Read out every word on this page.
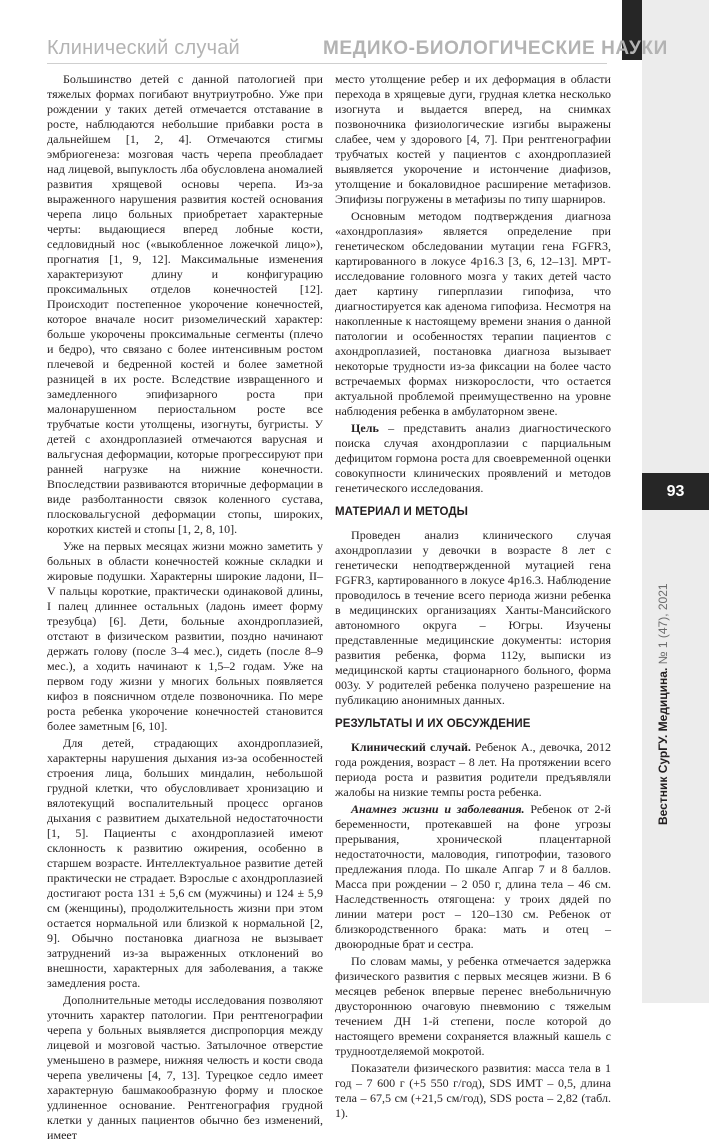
Клинический случай	МЕДИКО-БИОЛОГИЧЕСКИЕ НАУКИ
93
Вестник СурГУ. Медицина. № 1 (47), 2021

Большинство детей с данной патологией при тяжелых формах погибают внутриутробно. Уже при рождении у таких детей отмечается отставание в росте, наблюдаются небольшие прибавки роста в дальнейшем [1, 2, 4]. Отмечаются стигмы эмбриогенеза: мозговая часть черепа преобладает над лицевой, выпуклость лба обусловлена аномалией развития хрящевой основы черепа. Из-за выраженного нарушения развития костей основания черепа лицо больных приобретает характерные черты: выдающиеся вперед лобные кости, седловидный нос («выкобленное ложечкой лицо»), прогнатия [1, 9, 12]. Максимальные изменения характеризуют длину и конфигурацию проксимальных отделов конечностей [12]. Происходит постепенное укорочение конечностей, которое вначале носит ризомелический характер: больше укорочены проксимальные сегменты (плечо и бедро), что связано с более интенсивным ростом плечевой и бедренной костей и более заметной разницей в их росте. Вследствие извращенного и замедленного эпифизарного роста при малонарушенном периостальном росте все трубчатые кости утолщены, изогнуты, бугристы. У детей с ахондроплазией отмечаются варусная и вальгусная деформации, которые прогрессируют при ранней нагрузке на нижние конечности. Впоследствии развиваются вторичные деформации в виде разболтанности связок коленного сустава, плосковальгусной деформации стопы, широких, коротких кистей и стопы [1, 2, 8, 10].

Уже на первых месяцах жизни можно заметить у больных в области конечностей кожные складки и жировые подушки. Характерны широкие ладони, II–V пальцы короткие, практически одинаковой длины, I палец длиннее остальных (ладонь имеет форму трезубца) [6]. Дети, больные ахондроплазией, отстают в физическом развитии, поздно начинают держать голову (после 3–4 мес.), сидеть (после 8–9 мес.), а ходить начинают к 1,5–2 годам. Уже на первом году жизни у многих больных появляется кифоз в поясничном отделе позвоночника. По мере роста ребенка укорочение конечностей становится более заметным [6, 10].

Для детей, страдающих ахондроплазией, характерны нарушения дыхания из-за особенностей строения лица, больших миндалин, небольшой грудной клетки, что обусловливает хронизацию и вялотекущий воспалительный процесс органов дыхания с развитием дыхательной недостаточности [1, 5]. Пациенты с ахондроплазией имеют склонность к развитию ожирения, особенно в старшем возрасте. Интеллектуальное развитие детей практически не страдает. Взрослые с ахондроплазией достигают роста 131 ± 5,6 см (мужчины) и 124 ± 5,9 см (женщины), продолжительность жизни при этом остается нормальной или близкой к нормальной [2, 9]. Обычно постановка диагноза не вызывает затруднений из-за выраженных отклонений во внешности, характерных для заболевания, а также замедления роста.

Дополнительные методы исследования позволяют уточнить характер патологии. При рентгенографии черепа у больных выявляется диспропорция между лицевой и мозговой частью. Затылочное отверстие уменьшено в размере, нижняя челюсть и кости свода черепа увеличены [4, 7, 13]. Турецкое седло имеет характерную башмакообразную форму и плоское удлиненное основание. Рентгенография грудной клетки у данных пациентов обычно без изменений, имеет

место утолщение ребер и их деформация в области перехода в хрящевые дуги, грудная клетка несколько изогнута и выдается вперед, на снимках позвоночника физиологические изгибы выражены слабее, чем у здорового [4, 7]. При рентгенографии трубчатых костей у пациентов с ахондроплазией выявляется укорочение и истончение диафизов, утолщение и бокаловидное расширение метафизов. Эпифизы погружены в метафизы по типу шарниров.

Основным методом подтверждения диагноза «ахондроплазия» является определение при генетическом обследовании мутации гена FGFR3, картированного в локусе 4p16.3 [3, 6, 12–13]. МРТ-исследование головного мозга у таких детей часто дает картину гиперплазии гипофиза, что диагностируется как аденома гипофиза. Несмотря на накопленные к настоящему времени знания о данной патологии и особенностях терапии пациентов с ахондроплазией, постановка диагноза вызывает некоторые трудности из-за фиксации на более часто встречаемых формах низкорослости, что остается актуальной проблемой преимущественно на уровне наблюдения ребенка в амбулаторном звене.

Цель – представить анализ диагностического поиска случая ахондроплазии с парциальным дефицитом гормона роста для своевременной оценки совокупности клинических проявлений и методов генетического исследования.

МАТЕРИАЛ И МЕТОДЫ

Проведен анализ клинического случая ахондроплазии у девочки в возрасте 8 лет с генетически неподтвержденной мутацией гена FGFR3, картированного в локусе 4p16.3. Наблюдение проводилось в течение всего периода жизни ребенка в медицинских организациях Ханты-Мансийского автономного округа – Югры. Изучены представленные медицинские документы: история развития ребенка, форма 112у, выписки из медицинской карты стационарного больного, форма 003у. У родителей ребенка получено разрешение на публикацию анонимных данных.

РЕЗУЛЬТАТЫ И ИХ ОБСУЖДЕНИЕ

Клинический случай. Ребенок А., девочка, 2012 года рождения, возраст – 8 лет. На протяжении всего периода роста и развития родители предъявляли жалобы на низкие темпы роста ребенка.

Анамнез жизни и заболевания. Ребенок от 2-й беременности, протекавшей на фоне угрозы прерывания, хронической плацентарной недостаточности, маловодия, гипотрофии, тазового предлежания плода. По шкале Апгар 7 и 8 баллов. Масса при рождении – 2 050 г, длина тела – 46 см. Наследственность отягощена: у троих дядей по линии матери рост – 120–130 см. Ребенок от близкородственного брака: мать и отец – двоюродные брат и сестра.

По словам мамы, у ребенка отмечается задержка физического развития с первых месяцев жизни. В 6 месяцев ребенок впервые перенес внебольничную двустороннюю очаговую пневмонию с тяжелым течением ДН 1-й степени, после которой до настоящего времени сохраняется влажный кашель с трудноотделяемой мокротой.

Показатели физического развития: масса тела в 1 год – 7 600 г (+5 550 г/год), SDS ИМТ – 0,5, длина тела – 67,5 см (+21,5 см/год), SDS роста – 2,82 (табл. 1).
